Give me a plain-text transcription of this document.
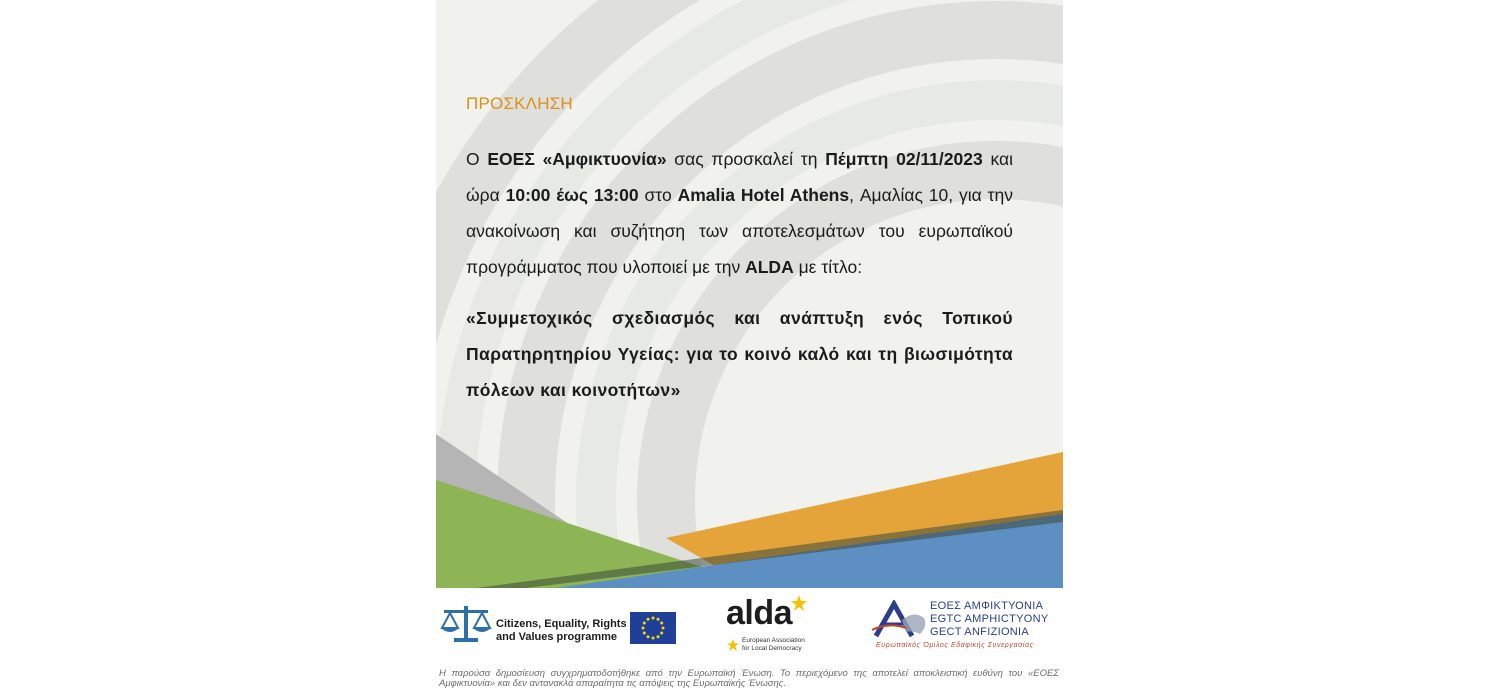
ΠΡΟΣΚΛΗΣΗ
Ο ΕΟΕΣ «Αμφικτυονία» σας προσκαλεί τη Πέμπτη 02/11/2023 και ώρα 10:00 έως 13:00 στο Amalia Hotel Athens, Αμαλίας 10, για την ανακοίνωση και συζήτηση των αποτελεσμάτων του ευρωπαϊκού προγράμματος που υλοποιεί με την ALDA με τίτλο:
«Συμμετοχικός σχεδιασμός και ανάπτυξη ενός Τοπικού Παρατηρητηρίου Υγείας: για το κοινό καλό και τη βιωσιμότητα πόλεων και κοινοτήτων»
Citizens, Equality, Rights
and Values programme
alda
European Association
for Local Democracy
ΕΟΕΣ ΑΜΦΙΚΤΥΟΝΙΑ
EGTC AMPHICTYONY
GECT ANFIZIONIA
Ευρωπαϊκός Όμιλος Εδαφικής Συνεργασίας
Η παρούσα δημοσίευση συγχρηματοδοτήθηκε από την Ευρωπαϊκή Ένωση. Το περιεχόμενο της αποτελεί αποκλειστική ευθύνη του «ΕΟΕΣ Αμφικτυονία» και δεν αντανακλά απαραίτητα τις απόψεις της Ευρωπαϊκής Ένωσης.
